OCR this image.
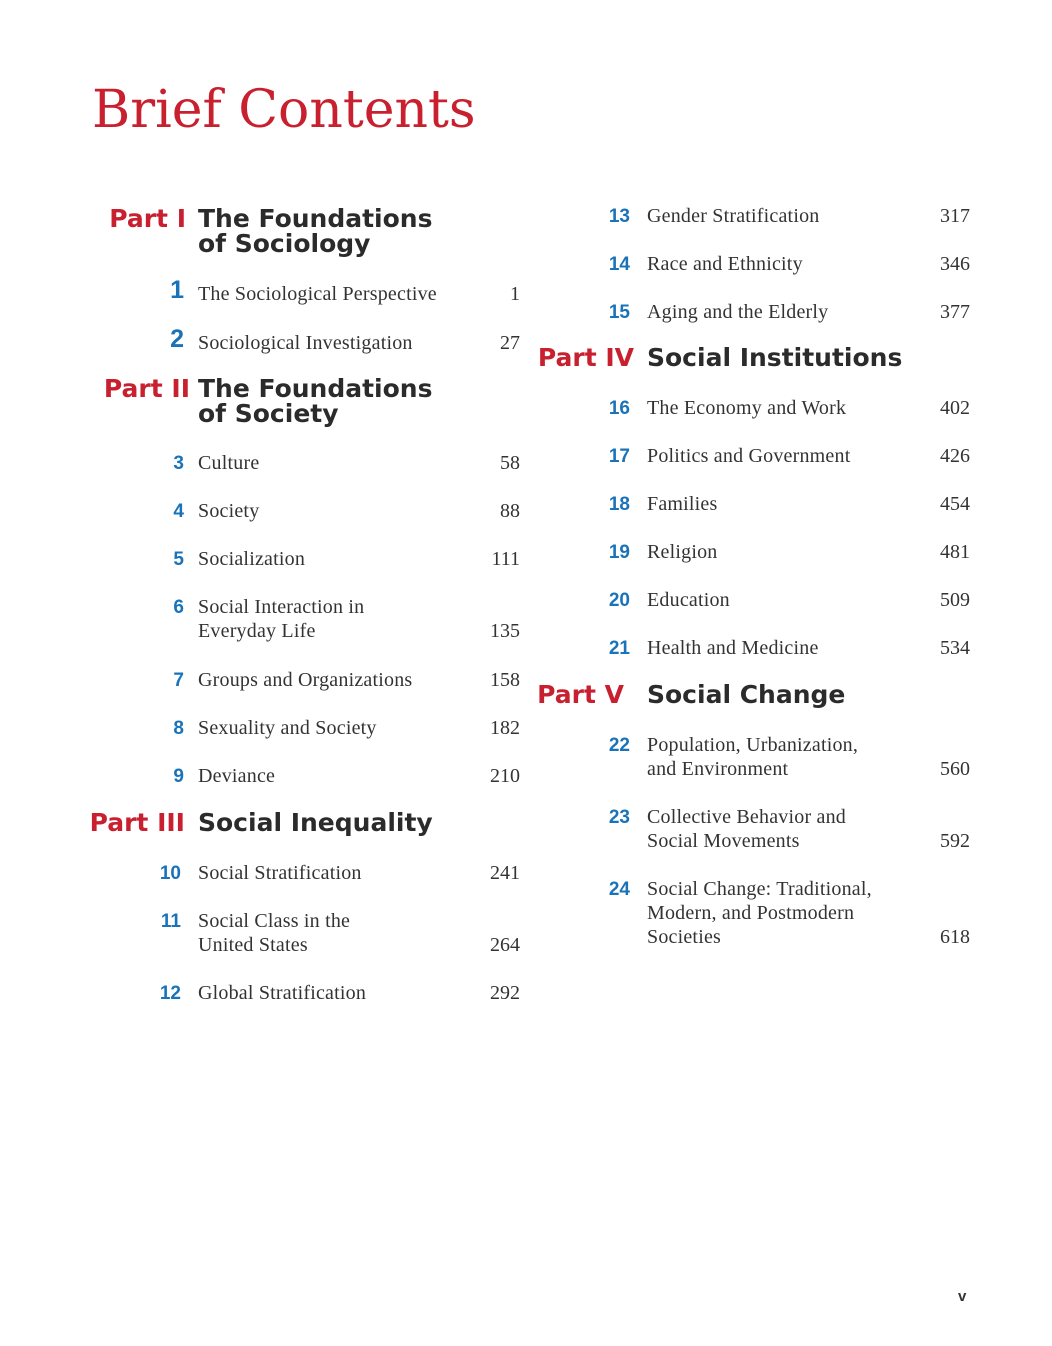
Brief Contents
Part I The Foundations
of Sociology
1 The Sociological Perspective	1
2 Sociological Investigation	27
Part II The Foundations
of Society
3 Culture	58
4 Society	88
5 Socialization	111
6 Social Interaction in
Everyday Life	135
7 Groups and Organizations	158
8 Sexuality and Society	182
9 Deviance	210
Part III Social Inequality
10 Social Stratification	241
11 Social Class in the
United States	264
12 Global Stratification	292
13 Gender Stratification	317
14 Race and Ethnicity	346
15 Aging and the Elderly	377
Part IV Social Institutions
16 The Economy and Work	402
17 Politics and Government	426
18 Families	454
19 Religion	481
20 Education	509
21 Health and Medicine	534
Part V Social Change
22 Population, Urbanization,
and Environment	560
23 Collective Behavior and
Social Movements	592
24 Social Change: Traditional,
Modern, and Postmodern
Societies	618
v
